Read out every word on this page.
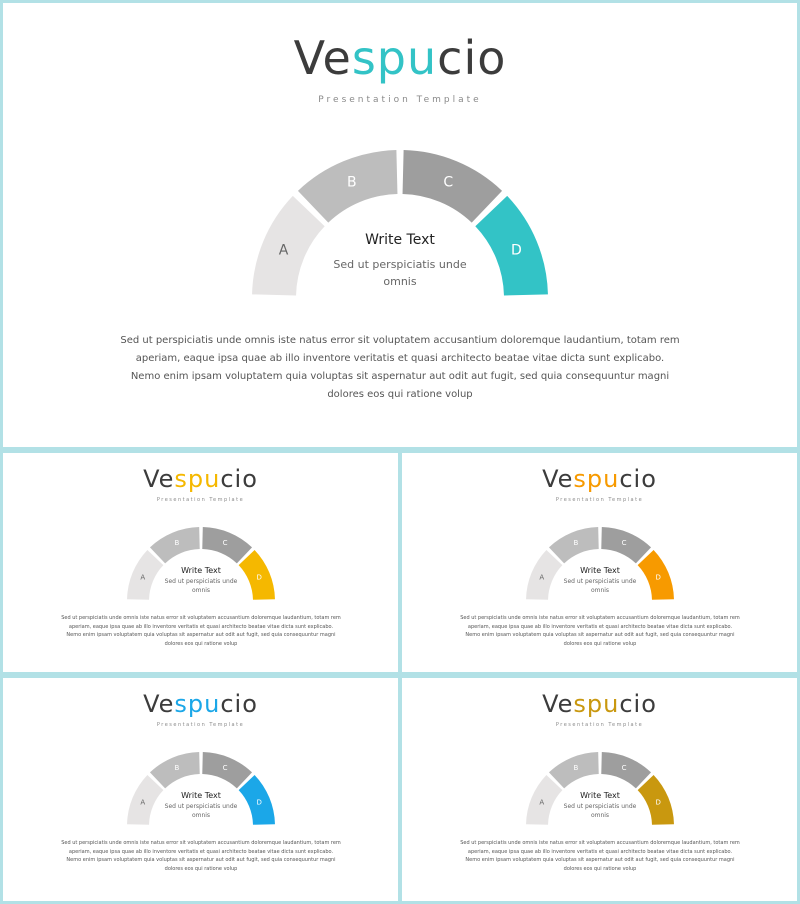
A
B	C
D
Vespucio
Presentation Template
Write Text
Sed ut perspiciatis unde omnis
Sed ut perspiciatis unde omnis iste natus error sit voluptatem accusantium doloremque laudantium, totam rem aperiam, eaque ipsa quae ab illo inventore veritatis et quasi architecto beatae vitae dicta sunt explicabo. Nemo enim ipsam voluptatem quia voluptas sit aspernatur aut odit aut fugit, sed quia consequuntur magni dolores eos qui ratione volup
A
B	C
D
Vespucio
Presentation Template
Write Text
Sed ut perspiciatis unde omnis
Sed ut perspiciatis unde omnis iste natus error sit voluptatem accusantium doloremque laudantium, totam rem aperiam, eaque ipsa quae ab illo inventore veritatis et quasi architecto beatae vitae dicta sunt explicabo. Nemo enim ipsam voluptatem quia voluptas sit aspernatur aut odit aut fugit, sed quia consequuntur magni dolores eos qui ratione volup
A
B	C
D
Vespucio
Presentation Template
Write Text
Sed ut perspiciatis unde omnis
Sed ut perspiciatis unde omnis iste natus error sit voluptatem accusantium doloremque laudantium, totam rem aperiam, eaque ipsa quae ab illo inventore veritatis et quasi architecto beatae vitae dicta sunt explicabo. Nemo enim ipsam voluptatem quia voluptas sit aspernatur aut odit aut fugit, sed quia consequuntur magni dolores eos qui ratione volup
A
B	C
D
Vespucio
Presentation Template
Write Text
Sed ut perspiciatis unde omnis
Sed ut perspiciatis unde omnis iste natus error sit voluptatem accusantium doloremque laudantium, totam rem aperiam, eaque ipsa quae ab illo inventore veritatis et quasi architecto beatae vitae dicta sunt explicabo. Nemo enim ipsam voluptatem quia voluptas sit aspernatur aut odit aut fugit, sed quia consequuntur magni dolores eos qui ratione volup
A
B	C
D
Vespucio
Presentation Template
Write Text
Sed ut perspiciatis unde omnis
Sed ut perspiciatis unde omnis iste natus error sit voluptatem accusantium doloremque laudantium, totam rem aperiam, eaque ipsa quae ab illo inventore veritatis et quasi architecto beatae vitae dicta sunt explicabo. Nemo enim ipsam voluptatem quia voluptas sit aspernatur aut odit aut fugit, sed quia consequuntur magni dolores eos qui ratione volup
